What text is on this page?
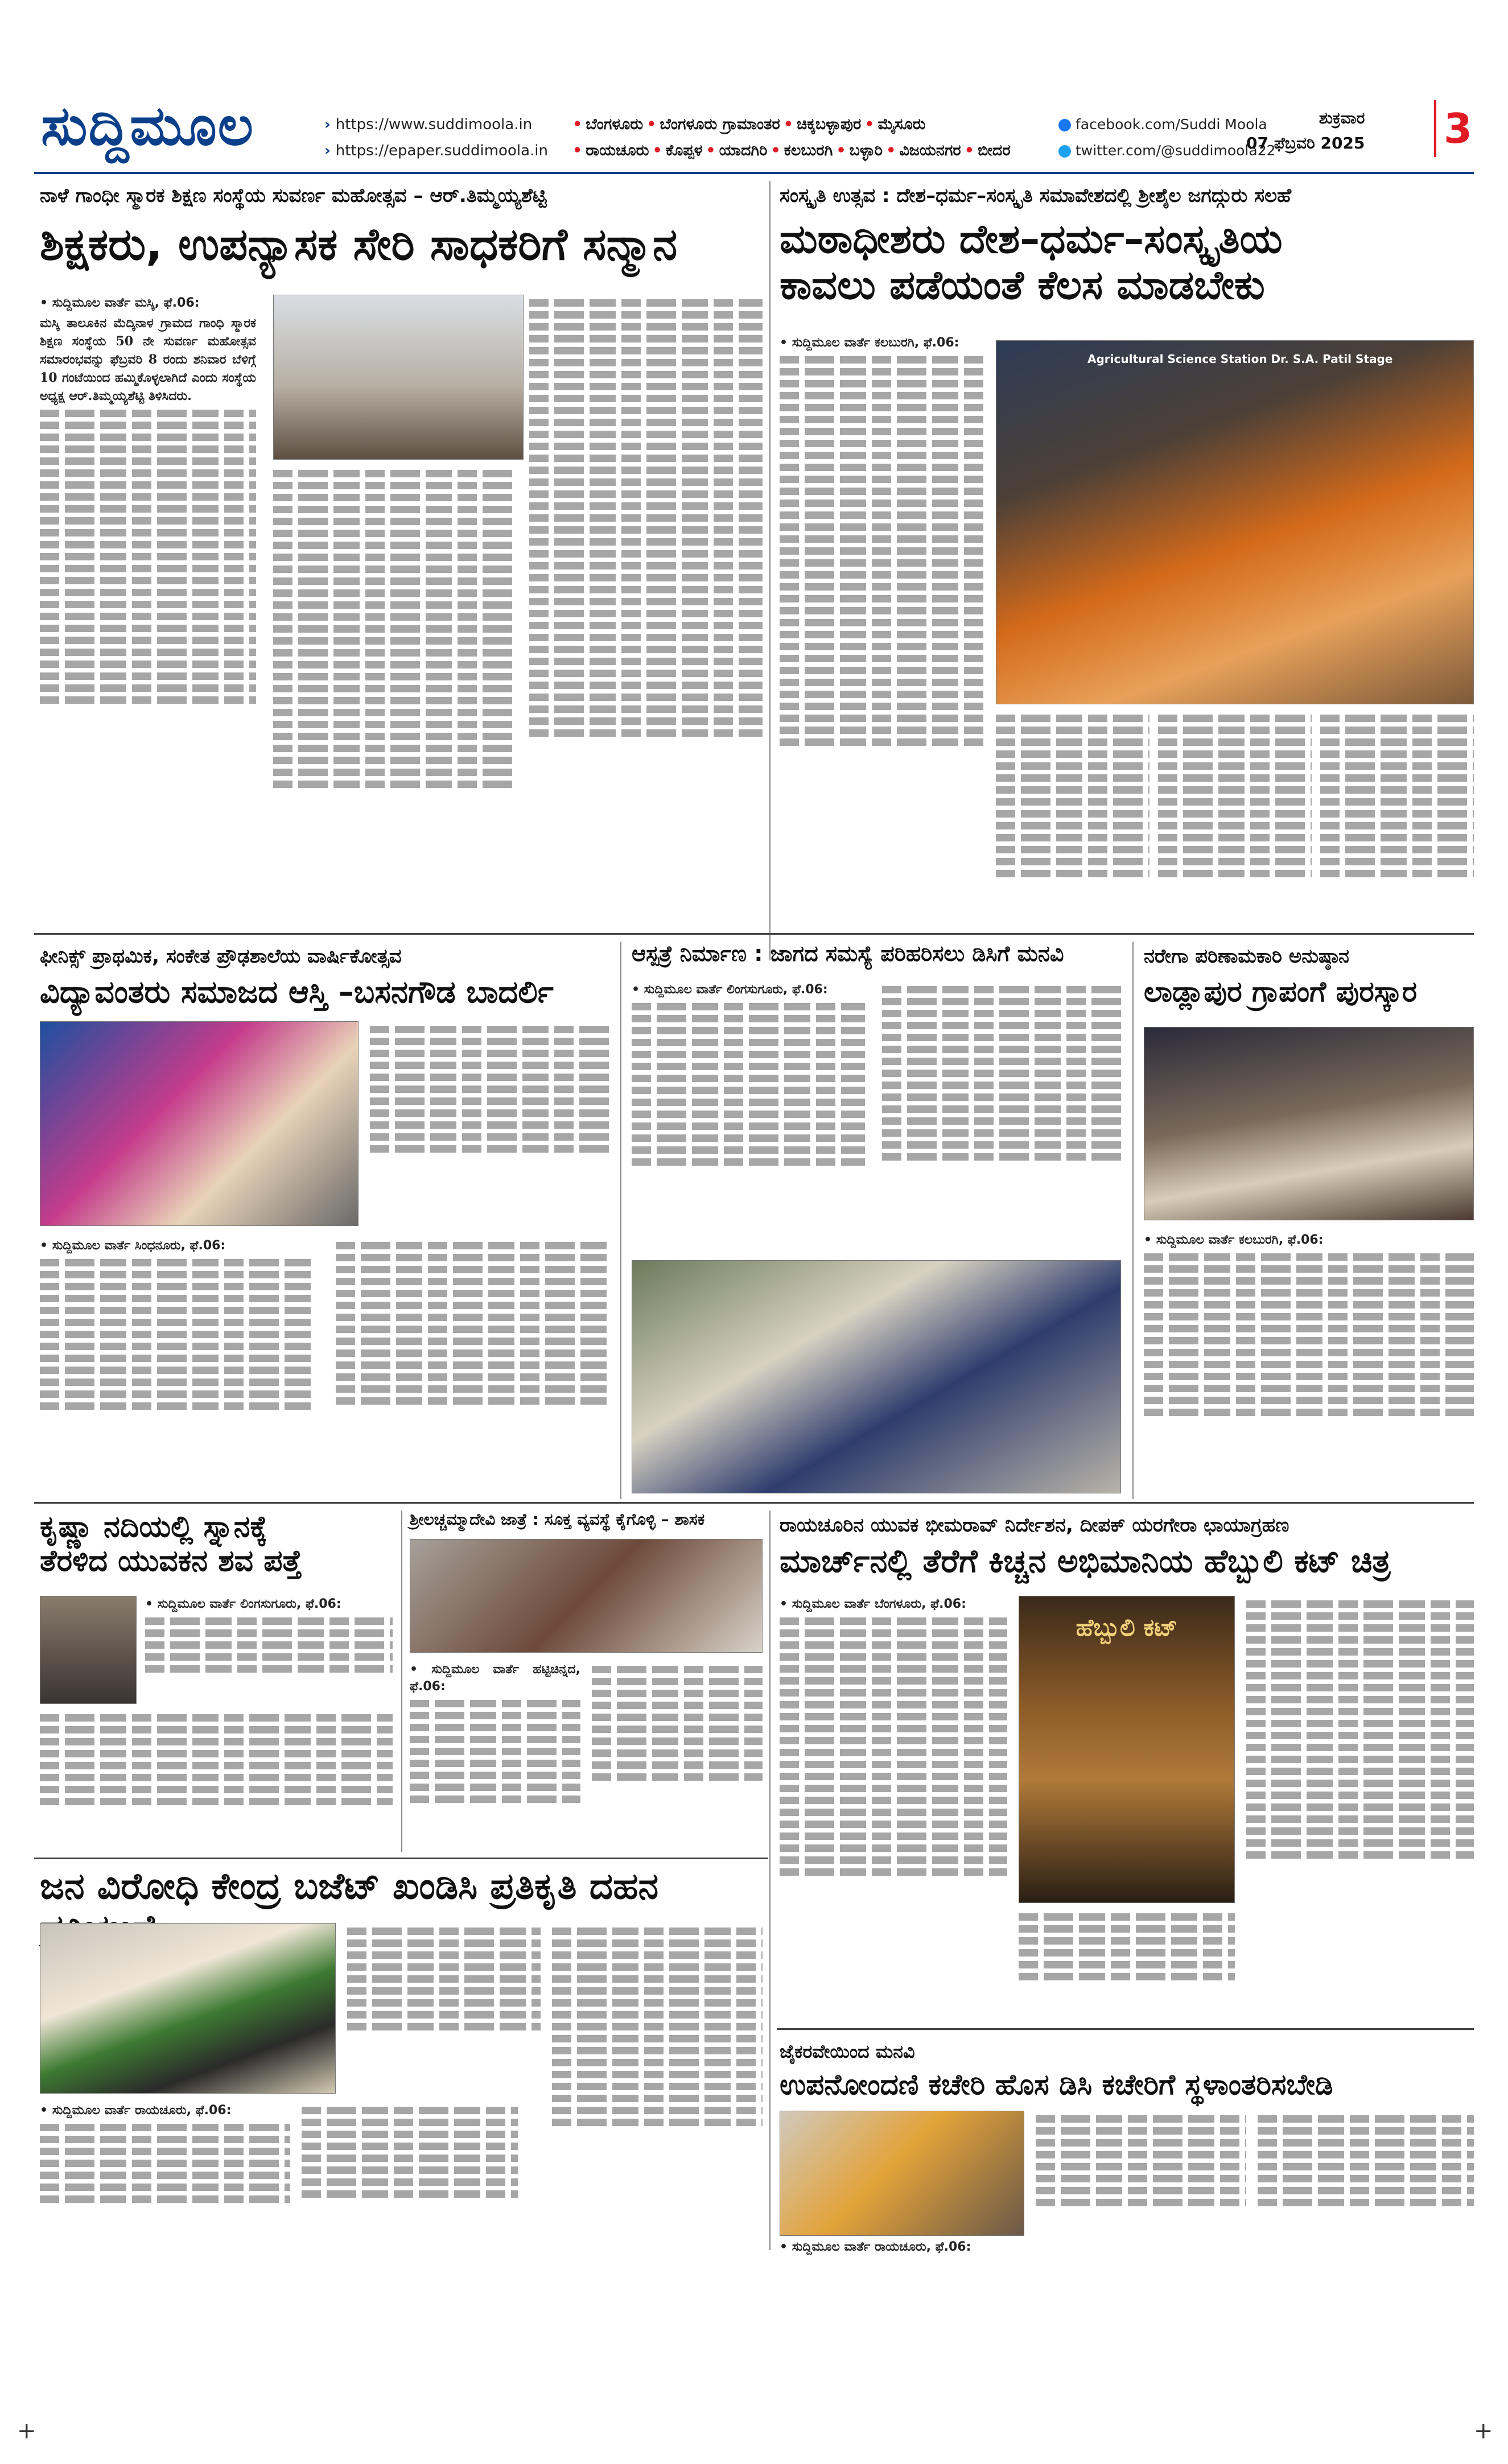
ಸುದ್ದಿಮೂಲ
›	https://www.suddimoola.in
› https://epaper.suddimoola.in
• ಬೆಂಗಳೂರು • ಬೆಂಗಳೂರು ಗ್ರಾಮಾಂತರ • ಚಿಕ್ಕಬಳ್ಳಾಪುರ • ಮೈಸೂರು
• ರಾಯಚೂರು • ಕೊಪ್ಪಳ • ಯಾದಗಿರಿ • ಕಲಬುರಗಿ • ಬಳ್ಳಾರಿ • ವಿಜಯನಗರ • ಬೀದರ
facebook.com/Suddi Moola
twitter.com/@suddimoola22
ಶುಕ್ರವಾರ
07 ಫೆಬ್ರವರಿ 2025 3
ನಾಳೆ ಗಾಂಧೀ ಸ್ಮಾರಕ ಶಿಕ್ಷಣ ಸಂಸ್ಥೆಯ ಸುವರ್ಣ ಮಹೋತ್ಸವ – ಆರ್.ತಿಮ್ಮಯ್ಯಶೆಟ್ಟಿ
ಶಿಕ್ಷಕರು, ಉಪನ್ಯಾಸಕ ಸೇರಿ ಸಾಧಕರಿಗೆ ಸನ್ಮಾನ
• ಸುದ್ದಿಮೂಲ ವಾರ್ತೆ ಮಸ್ಕಿ, ಫೆ.06:
ಮಸ್ಕಿ ತಾಲೂಕಿನ ಮೆದ್ಕಿನಾಳ ಗ್ರಾಮದ ಗಾಂಧಿ ಸ್ಮಾರಕ ಶಿಕ್ಷಣ ಸಂಸ್ಥೆಯ 50 ನೇ ಸುವರ್ಣ ಮಹೋತ್ಸವ ಸಮಾರಂಭವನ್ನು ಫೆಬ್ರವರಿ 8 ರಂದು ಶನಿವಾರ ಬೆಳಿಗ್ಗೆ 10 ಗಂಟೆಯಿಂದ ಹಮ್ಮಿಕೊಳ್ಳಲಾಗಿದೆ ಎಂದು ಸಂಸ್ಥೆಯ ಅಧ್ಯಕ್ಷ ಆರ್.ತಿಮ್ಮಯ್ಯಶೆಟ್ಟಿ ತಿಳಿಸಿದರು.
ಸಂಸ್ಕೃತಿ ಉತ್ಸವ : ದೇಶ–ಧರ್ಮ–ಸಂಸ್ಕೃತಿ ಸಮಾವೇಶದಲ್ಲಿ ಶ್ರೀಶೈಲ ಜಗದ್ಗುರು ಸಲಹೆ
ಮಠಾಧೀಶರು ದೇಶ–ಧರ್ಮ–ಸಂಸ್ಕೃತಿಯ
ಕಾವಲು ಪಡೆಯಂತೆ ಕೆಲಸ ಮಾಡಬೇಕು
• ಸುದ್ದಿಮೂಲ ವಾರ್ತೆ ಕಲಬುರಗಿ, ಫೆ.06:
Agricultural Science Station Dr. S.A. Patil Stage
ಫೀನಿಕ್ಸ್ ಪ್ರಾಥಮಿಕ, ಸಂಕೇತ ಪ್ರೌಢಶಾಲೆಯ ವಾರ್ಷಿಕೋತ್ಸವ
ವಿದ್ಯಾವಂತರು ಸಮಾಜದ ಆಸ್ತಿ –ಬಸನಗೌಡ ಬಾದರ್ಲಿ
• ಸುದ್ದಿಮೂಲ ವಾರ್ತೆ ಸಿಂಧನೂರು, ಫೆ.06:
ಆಸ್ಪತ್ರೆ ನಿರ್ಮಾಣ : ಜಾಗದ ಸಮಸ್ಯೆ ಪರಿಹರಿಸಲು ಡಿಸಿಗೆ ಮನವಿ
• ಸುದ್ದಿಮೂಲ ವಾರ್ತೆ ಲಿಂಗಸುಗೂರು, ಫೆ.06:
ನರೇಗಾ ಪರಿಣಾಮಕಾರಿ ಅನುಷ್ಠಾನ
ಲಾಡ್ಲಾಪುರ ಗ್ರಾಪಂಗೆ ಪುರಸ್ಕಾರ
• ಸುದ್ದಿಮೂಲ ವಾರ್ತೆ ಕಲಬುರಗಿ, ಫೆ.06:
ಕೃಷ್ಣಾ ನದಿಯಲ್ಲಿ ಸ್ನಾನಕ್ಕೆ
ತೆರಳಿದ ಯುವಕನ ಶವ ಪತ್ತೆ
• ಸುದ್ದಿಮೂಲ ವಾರ್ತೆ ಲಿಂಗಸುಗೂರು, ಫೆ.06:
ಶ್ರೀಲಚ್ಚಮ್ಮಾದೇವಿ ಜಾತ್ರೆ : ಸೂಕ್ತ ವ್ಯವಸ್ಥೆ ಕೈಗೊಳ್ಳಿ – ಶಾಸಕ
• ಸುದ್ದಿಮೂಲ ವಾರ್ತೆ ಹಟ್ಟಿಚಿನ್ನದ, ಫೆ.06:
ರಾಯಚೂರಿನ ಯುವಕ ಭೀಮರಾವ್ ನಿರ್ದೇಶನ, ದೀಪಕ್ ಯರಗೇರಾ ಛಾಯಾಗ್ರಹಣ
ಮಾರ್ಚ್‌ನಲ್ಲಿ ತೆರೆಗೆ ಕಿಚ್ಚನ ಅಭಿಮಾನಿಯ ಹೆಬ್ಬುಲಿ ಕಟ್ ಚಿತ್ರ
• ಸುದ್ದಿಮೂಲ ವಾರ್ತೆ ಬೆಂಗಳೂರು, ಫೆ.06:
ಹೆಬ್ಬುಲಿ ಕಟ್
ಜನ ವಿರೋಧಿ ಕೇಂದ್ರ ಬಜೆಟ್ ಖಂಡಿಸಿ ಪ್ರತಿಕೃತಿ ದಹನ
• ಸುದ್ದಿಮೂಲ ವಾರ್ತೆ ರಾಯಚೂರು, ಫೆ.06:
ಜೈಕರವೇಯಿಂದ ಮನವಿ
ಉಪನೋಂದಣಿ ಕಚೇರಿ ಹೊಸ ಡಿಸಿ ಕಚೇರಿಗೆ ಸ್ಥಳಾಂತರಿಸಬೇಡಿ
• ಸುದ್ದಿಮೂಲ ವಾರ್ತೆ ರಾಯಚೂರು, ಫೆ.06:
+	+
